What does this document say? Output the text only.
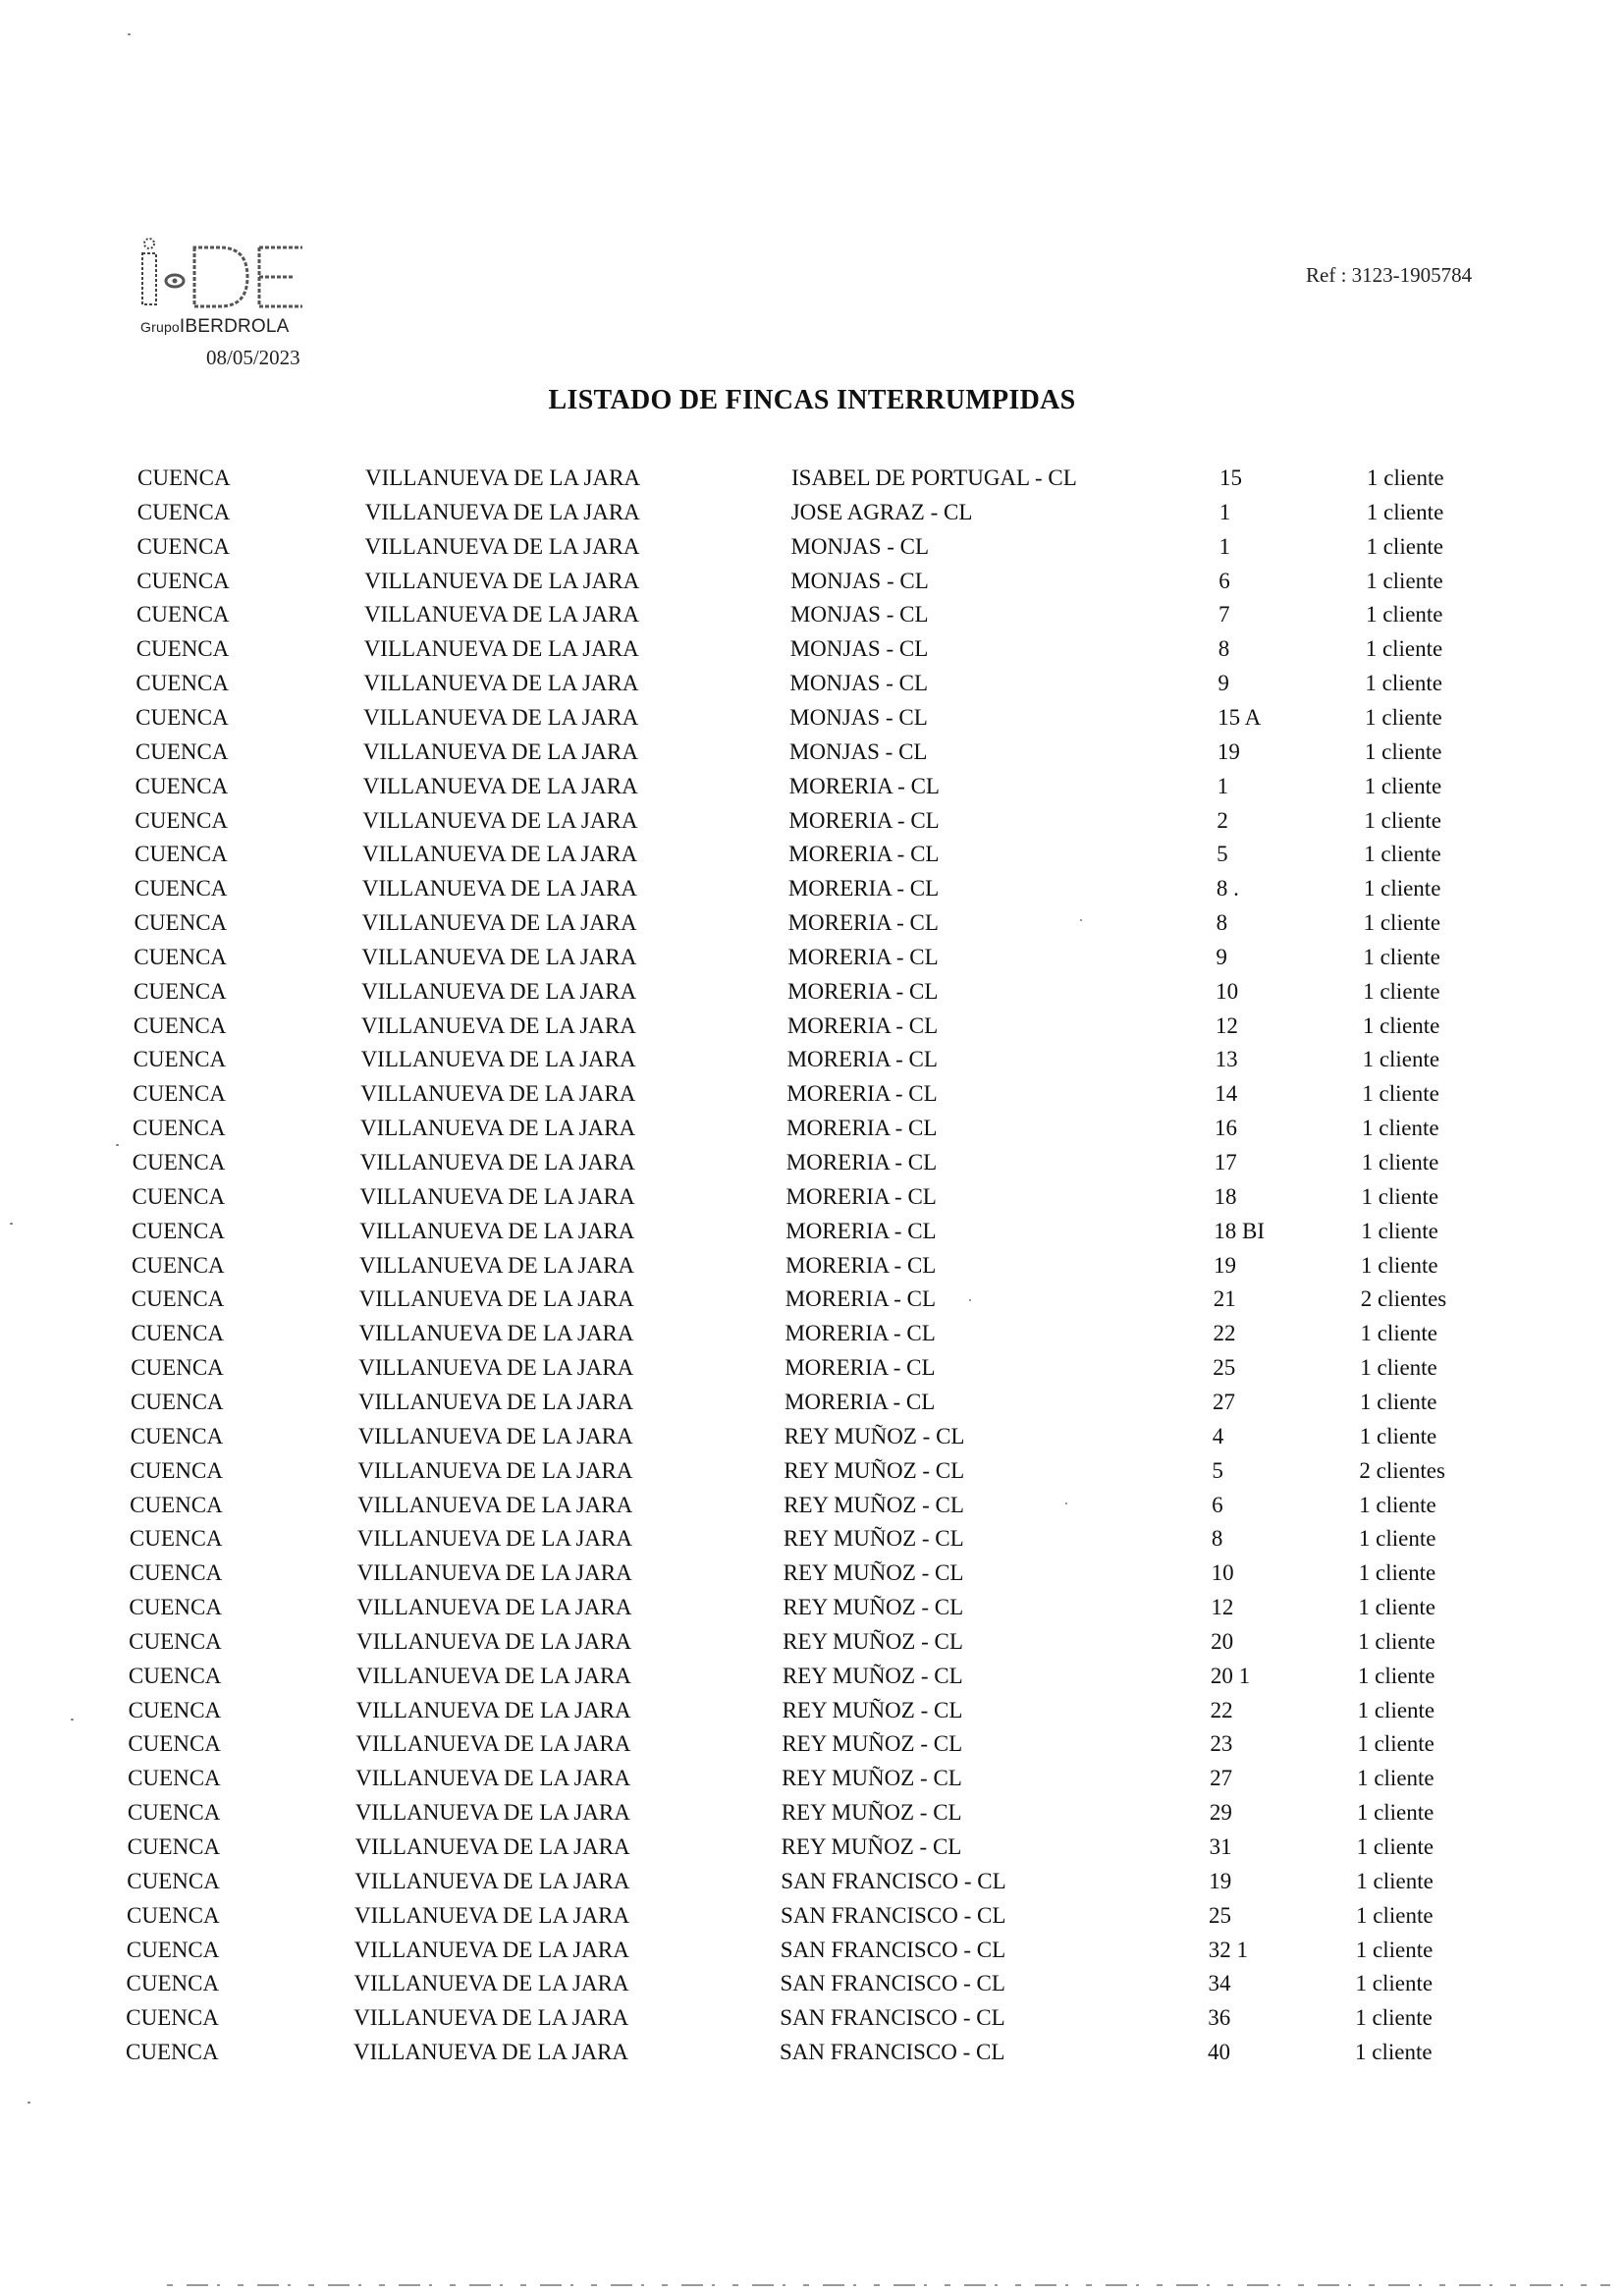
GrupoIBERDROLA
08/05/2023
Ref : 3123-1905784
LISTADO DE FINCAS INTERRUMPIDAS
CUENCA	VILLANUEVA DE LA JARA	ISABEL DE PORTUGAL - CL	15	1 cliente
CUENCA	VILLANUEVA DE LA JARA	JOSE AGRAZ - CL	1	1 cliente
CUENCA	VILLANUEVA DE LA JARA	MONJAS - CL	1	1 cliente
CUENCA	VILLANUEVA DE LA JARA	MONJAS - CL	6	1 cliente
CUENCA	VILLANUEVA DE LA JARA	MONJAS - CL	7	1 cliente
CUENCA	VILLANUEVA DE LA JARA	MONJAS - CL	8	1 cliente
CUENCA	VILLANUEVA DE LA JARA	MONJAS - CL	9	1 cliente
CUENCA	VILLANUEVA DE LA JARA	MONJAS - CL	15 A	1 cliente
CUENCA	VILLANUEVA DE LA JARA	MONJAS - CL	19	1 cliente
CUENCA	VILLANUEVA DE LA JARA	MORERIA - CL	1	1 cliente
CUENCA	VILLANUEVA DE LA JARA	MORERIA - CL	2	1 cliente
CUENCA	VILLANUEVA DE LA JARA	MORERIA - CL	5	1 cliente
CUENCA	VILLANUEVA DE LA JARA	MORERIA - CL	8 .	1 cliente
CUENCA	VILLANUEVA DE LA JARA	MORERIA - CL	8	1 cliente
CUENCA	VILLANUEVA DE LA JARA	MORERIA - CL	9	1 cliente
CUENCA	VILLANUEVA DE LA JARA	MORERIA - CL	10	1 cliente
CUENCA	VILLANUEVA DE LA JARA	MORERIA - CL	12	1 cliente
CUENCA	VILLANUEVA DE LA JARA	MORERIA - CL	13	1 cliente
CUENCA	VILLANUEVA DE LA JARA	MORERIA - CL	14	1 cliente
CUENCA	VILLANUEVA DE LA JARA	MORERIA - CL	16	1 cliente
CUENCA	VILLANUEVA DE LA JARA	MORERIA - CL	17	1 cliente
CUENCA	VILLANUEVA DE LA JARA	MORERIA - CL	18	1 cliente
CUENCA	VILLANUEVA DE LA JARA	MORERIA - CL	18 BI	1 cliente
CUENCA	VILLANUEVA DE LA JARA	MORERIA - CL	19	1 cliente
CUENCA	VILLANUEVA DE LA JARA	MORERIA - CL	21	2 clientes
CUENCA	VILLANUEVA DE LA JARA	MORERIA - CL	22	1 cliente
CUENCA	VILLANUEVA DE LA JARA	MORERIA - CL	25	1 cliente
CUENCA	VILLANUEVA DE LA JARA	MORERIA - CL	27	1 cliente
CUENCA	VILLANUEVA DE LA JARA	REY MUÑOZ - CL	4	1 cliente
CUENCA	VILLANUEVA DE LA JARA	REY MUÑOZ - CL	5	2 clientes
CUENCA	VILLANUEVA DE LA JARA	REY MUÑOZ - CL	6	1 cliente
CUENCA	VILLANUEVA DE LA JARA	REY MUÑOZ - CL	8	1 cliente
CUENCA	VILLANUEVA DE LA JARA	REY MUÑOZ - CL	10	1 cliente
CUENCA	VILLANUEVA DE LA JARA	REY MUÑOZ - CL	12	1 cliente
CUENCA	VILLANUEVA DE LA JARA	REY MUÑOZ - CL	20	1 cliente
CUENCA	VILLANUEVA DE LA JARA	REY MUÑOZ - CL	20 1	1 cliente
CUENCA	VILLANUEVA DE LA JARA	REY MUÑOZ - CL	22	1 cliente
CUENCA	VILLANUEVA DE LA JARA	REY MUÑOZ - CL	23	1 cliente
CUENCA	VILLANUEVA DE LA JARA	REY MUÑOZ - CL	27	1 cliente
CUENCA	VILLANUEVA DE LA JARA	REY MUÑOZ - CL	29	1 cliente
CUENCA	VILLANUEVA DE LA JARA	REY MUÑOZ - CL	31	1 cliente
CUENCA	VILLANUEVA DE LA JARA	SAN FRANCISCO - CL	19	1 cliente
CUENCA	VILLANUEVA DE LA JARA	SAN FRANCISCO - CL	25	1 cliente
CUENCA	VILLANUEVA DE LA JARA	SAN FRANCISCO - CL	32 1	1 cliente
CUENCA	VILLANUEVA DE LA JARA	SAN FRANCISCO - CL	34	1 cliente
CUENCA	VILLANUEVA DE LA JARA	SAN FRANCISCO - CL	36	1 cliente
CUENCA	VILLANUEVA DE LA JARA	SAN FRANCISCO - CL	40	1 cliente
